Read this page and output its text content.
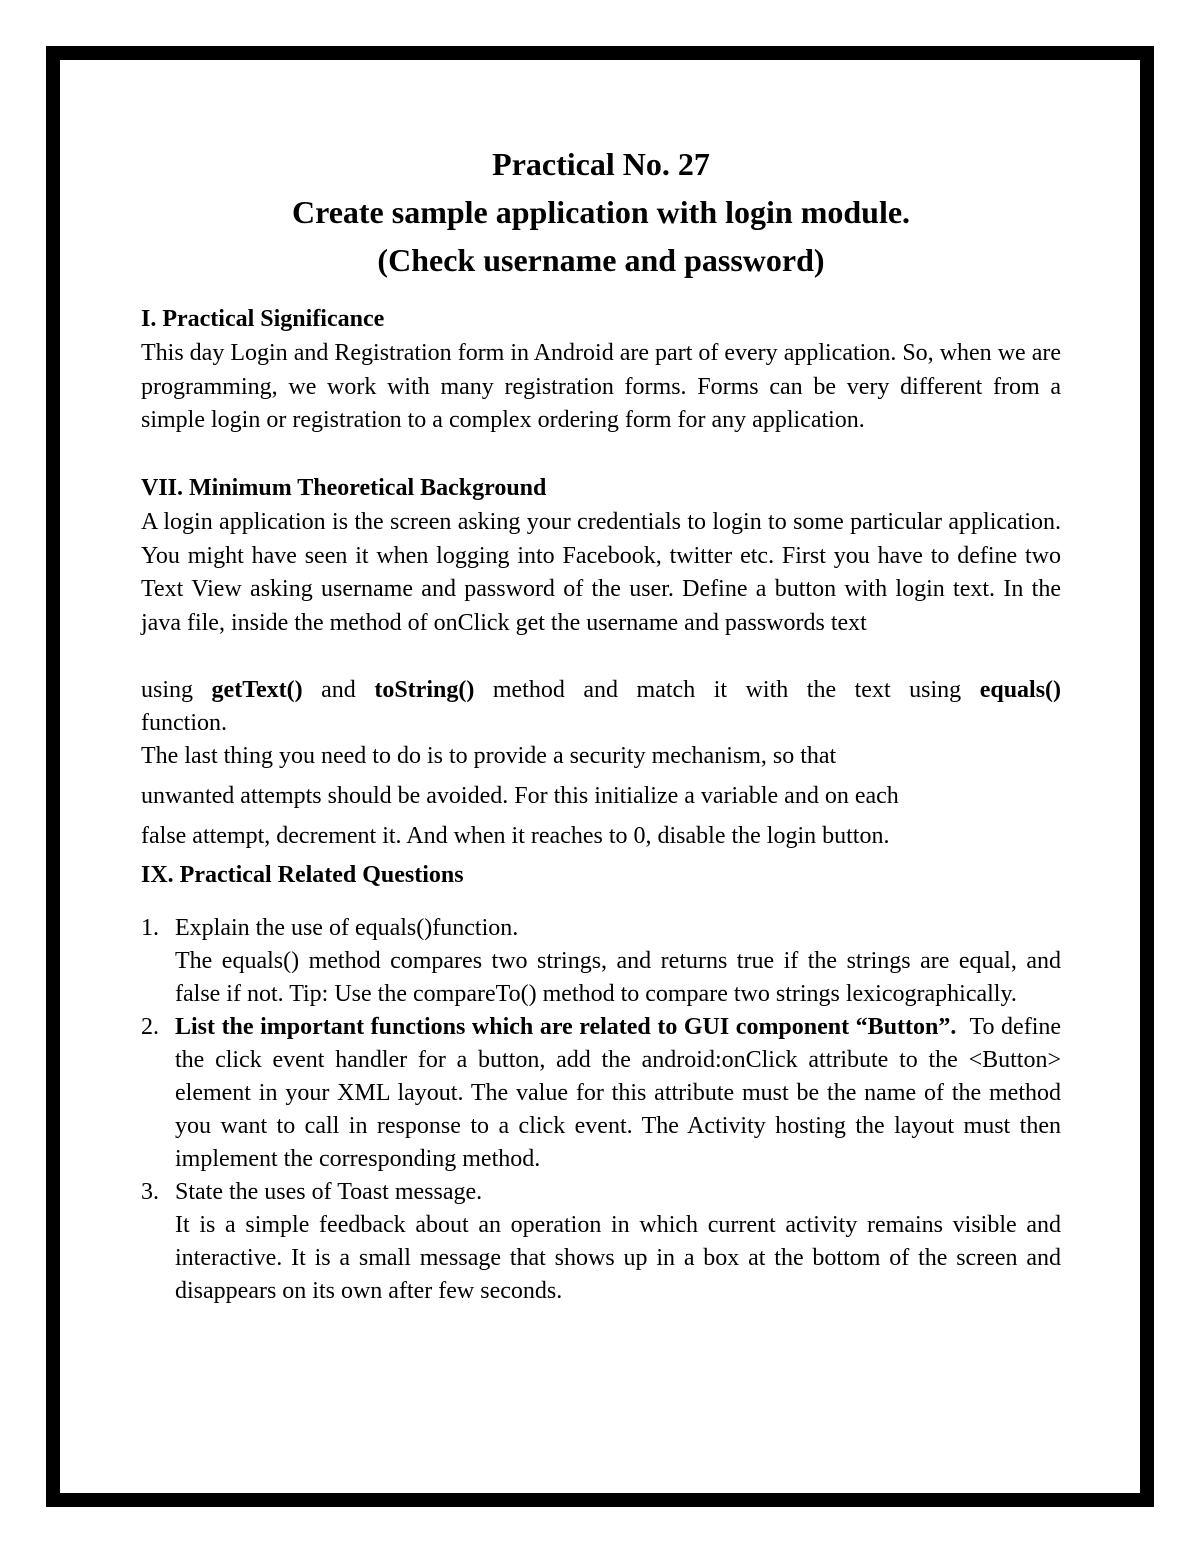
Practical No. 27
Create sample application with login module.
(Check username and password)
I. Practical Significance
This day Login and Registration form in Android are part of every application. So, when we are programming, we work with many registration forms. Forms can be very different from a simple login or registration to a complex ordering form for any application.
VII. Minimum Theoretical Background
A login application is the screen asking your credentials to login to some particular application. You might have seen it when logging into Facebook, twitter etc. First you have to define two Text View asking username and password of the user. Define a button with login text. In the java file, inside the method of onClick get the username and passwords text
using getText() and toString() method and match it with the text using equals()
function.
The last thing you need to do is to provide a security mechanism, so that
unwanted attempts should be avoided. For this initialize a variable and on each
false attempt, decrement it. And when it reaches to 0, disable the login button.
IX. Practical Related Questions
1. Explain the use of equals()function.
The equals() method compares two strings, and returns true if the strings are equal, and false if not. Tip: Use the compareTo() method to compare two strings lexicographically.
2. List the important functions which are related to GUI component “Button”. To define the click event handler for a button, add the android:onClick attribute to the <Button> element in your XML layout. The value for this attribute must be the name of the method you want to call in response to a click event. The Activity hosting the layout must then implement the corresponding method.
3. State the uses of Toast message.
It is a simple feedback about an operation in which current activity remains visible and interactive. It is a small message that shows up in a box at the bottom of the screen and disappears on its own after few seconds.
